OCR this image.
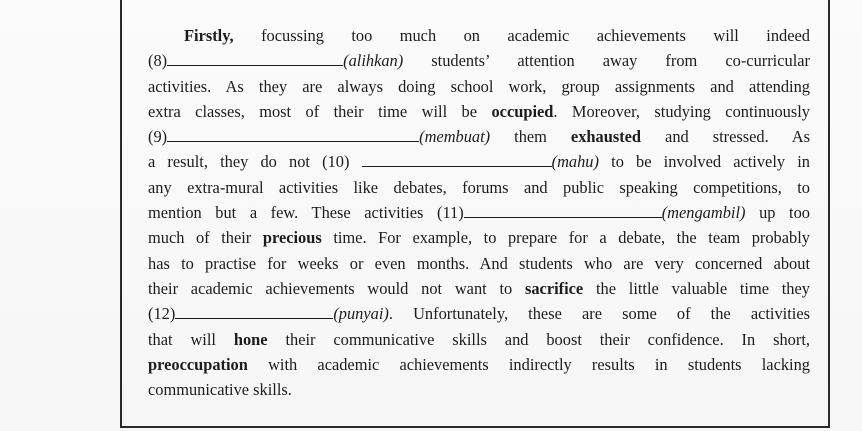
Firstly, focussing too much on academic achievements will indeed
(8)	(alihkan) students’ attention away from co-curricular
activities. As they are always doing school work, group assignments and attending
extra classes, most of their time will be occupied. Moreover, studying continuously
(9)	(membuat) them exhausted and stressed. As
a result, they do not (10)	(mahu) to be involved actively in
any extra-mural activities like debates, forums and public speaking competitions, to
mention but a few. These activities (11)	(mengambil) up too
much of their precious time. For example, to prepare for a debate, the team probably
has to practise for weeks or even months. And students who are very concerned about
their academic achievements would not want to sacrifice the little valuable time they
(12)	(punyai). Unfortunately, these are some of the activities
that will hone their communicative skills and boost their confidence. In short,
preoccupation with academic achievements indirectly results in students lacking
communicative skills.
